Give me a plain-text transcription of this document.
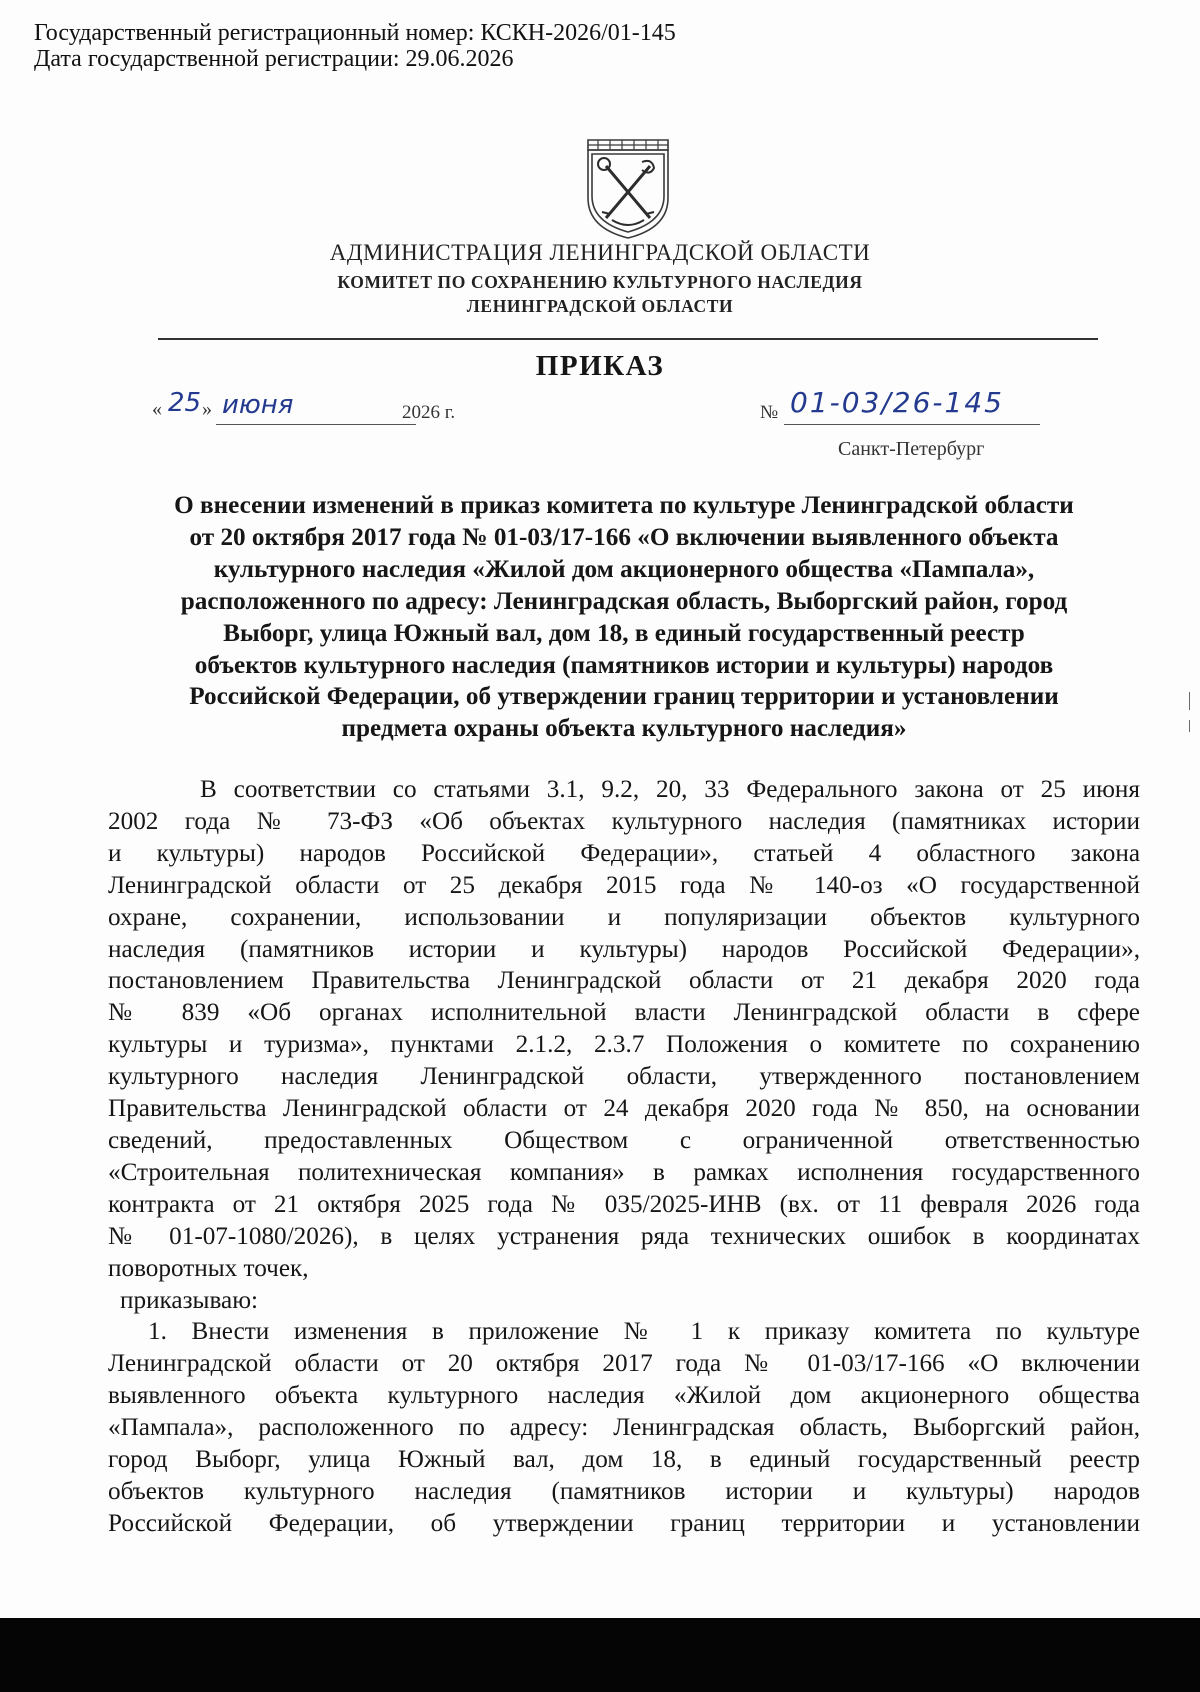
Государственный регистрационный номер: КСКН-2026/01-145
Дата государственной регистрации: 29.06.2026
АДМИНИСТРАЦИЯ ЛЕНИНГРАДСКОЙ ОБЛАСТИ
КОМИТЕТ ПО СОХРАНЕНИЮ КУЛЬТУРНОГО НАСЛЕДИЯ
ЛЕНИНГРАДСКОЙ ОБЛАСТИ
ПРИКАЗ
« 25 » июня	2026 г.	№ 01-03/26-145
Санкт-Петербург
О внесении изменений в приказ комитета по культуре Ленинградской области
от 20 октября 2017 года № 01-03/17-166 «О включении выявленного объекта
культурного наследия «Жилой дом акционерного общества «Пампала»,
расположенного по адресу: Ленинградская область, Выборгский район, город
Выборг, улица Южный вал, дом 18, в единый государственный реестр
объектов культурного наследия (памятников истории и культуры) народов
Российской Федерации, об утверждении границ территории и установлении
предмета охраны объекта культурного наследия»
В соответствии со статьями 3.1, 9.2, 20, 33 Федерального закона от 25 июня
2002 года № 73-ФЗ «Об объектах культурного наследия (памятниках истории
и культуры) народов Российской Федерации», статьей 4 областного закона
Ленинградской области от 25 декабря 2015 года № 140-оз «О государственной
охране, сохранении, использовании и популяризации объектов культурного
наследия (памятников истории и культуры) народов Российской Федерации»,
постановлением Правительства Ленинградской области от 21 декабря 2020 года
№ 839 «Об органах исполнительной власти Ленинградской области в сфере
культуры и туризма», пунктами 2.1.2, 2.3.7 Положения о комитете по сохранению
культурного наследия Ленинградской области, утвержденного постановлением
Правительства Ленинградской области от 24 декабря 2020 года № 850, на основании
сведений, предоставленных Обществом с ограниченной ответственностью
«Строительная политехническая компания» в рамках исполнения государственного
контракта от 21 октября 2025 года № 035/2025-ИНВ (вх. от 11 февраля 2026 года
№ 01-07-1080/2026), в целях устранения ряда технических ошибок в координатах
поворотных точек,
приказываю:
1. Внести изменения в приложение № 1 к приказу комитета по культуре
Ленинградской области от 20 октября 2017 года № 01-03/17-166 «О включении
выявленного объекта культурного наследия «Жилой дом акционерного общества
«Пампала», расположенного по адресу: Ленинградская область, Выборгский район,
город Выборг, улица Южный вал, дом 18, в единый государственный реестр
объектов культурного наследия (памятников истории и культуры) народов
Российской Федерации, об утверждении границ территории и установлении
